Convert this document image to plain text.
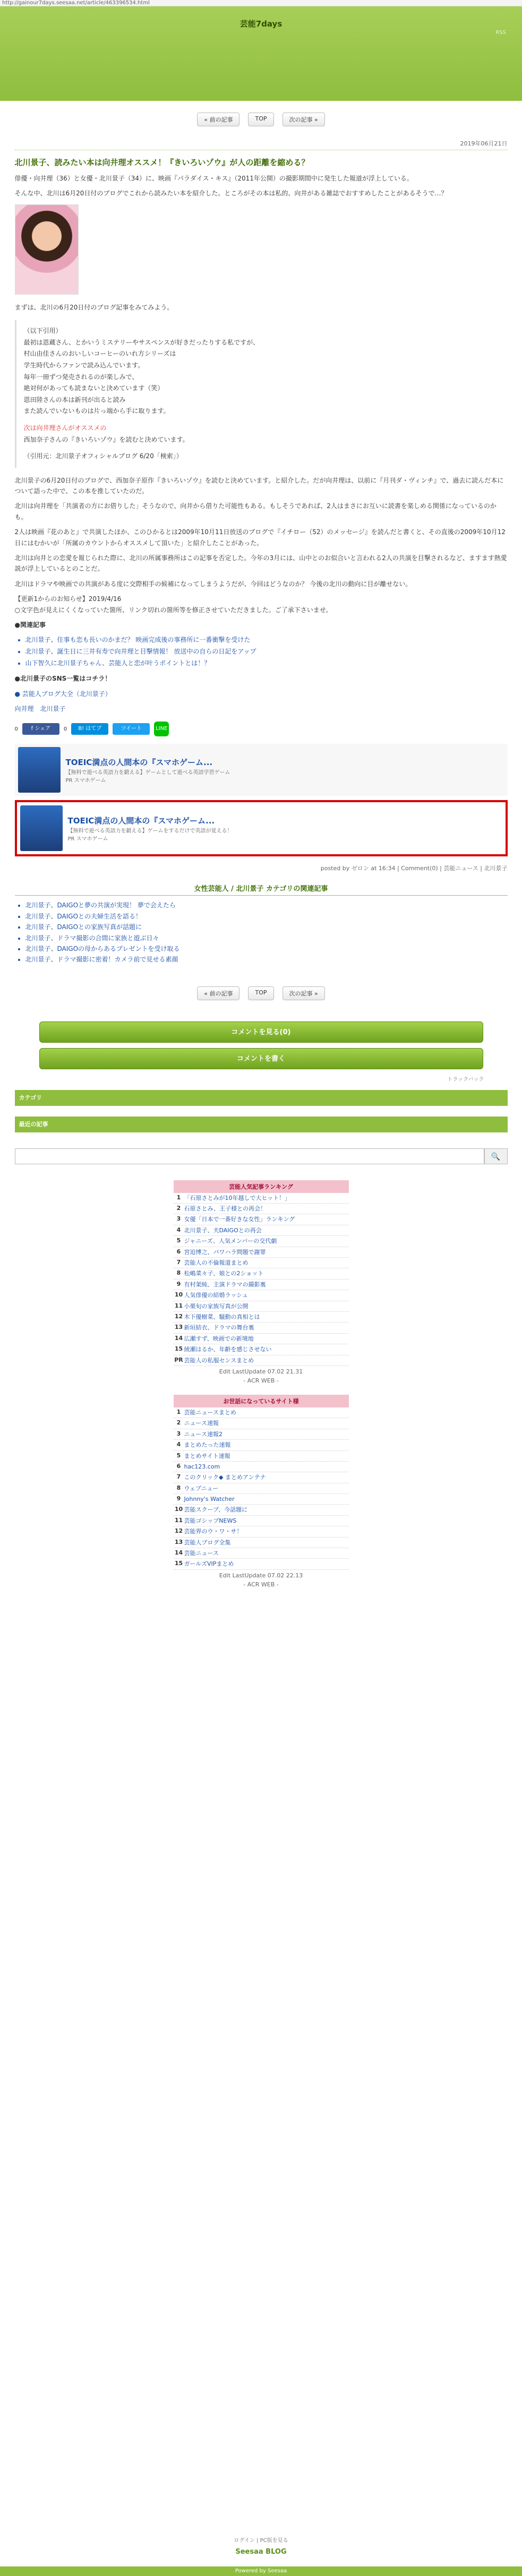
http://gainour7days.seesaa.net/article/463396534.html
芸能7days
RSS
« 前の記事	TOP	次の記事 »
2019年06月21日
北川景子、読みたい本は向井理オススメ！『きいろいゾウ』が人の距離を縮める？
俳優・向井理（36）と女優・北川景子（34）に、映画『パラダイス・キス』（2011年公開）の撮影期間中に発生した報道が浮上している。
そんな中、北川は6月20日付のブログでこれから読みたい本を紹介した。ところがその本は私的、向井がある雑誌でおすすめしたことがあるそうで…？
まずは、北川の6月20日付のブログ記事をみてみよう。
（以下引用）
最初は恩蔵さん、とかいうミステリーやサスペンスが好きだったりする私ですが、
村山由佳さんのおいしいコーヒーのいれ方シリーズは
学生時代からファンで読み込んでいます。
毎年一冊ずつ発売されるのが楽しみで、
絶対何があっても読まないと決めています（笑）
恩田陸さんの本は新刊が出ると読み
また読んでいないものは片っ端から手に取ります。
次は向井理さんがオススメの
西加奈子さんの『きいろいゾウ』を読むと決めています。
（引用元：北川景子オフィシャルブログ 6/20「検索」）
北川景子の6月20日付のブログで、西加奈子原作『きいろいゾウ』を読むと決めています。と紹介した。だが向井理は、以前に『月刊ダ・ヴィンチ』で、過去に読んだ本について語った中で、この本を推していたのだ。
北川は向井理を「共演者の方にお借りした」そうなので、向井から借りた可能性もある。もしそうであれば、2人はまさにお互いに読書を楽しめる関係になっているのかも。
2人は映画『花のあと』で共演したほか、このひかるとは2009年10月11日放送のブログで『イチロー（52）のメッセージ』を読んだと書くと、その直後の2009年10月12日にはむかいが「所属のカウントからオススメして頂いた」と紹介したことがあった。
北川は向井との恋愛を報じられた際に、北川の所属事務所はこの記事を否定した。今年の3月には、山中とのお似合いと言われる2人の共演を目撃されるなど、ますます熱愛説が浮上しているとのことだ。
北川はドラマや映画での共演がある度に交際相手の候補になってしまうようだが、今回はどうなのか？ 今後の北川の動向に目が離せない。
【更新1からのお知らせ】2019/4/16
○文字色が見えにくくなっていた箇所、リンク切れの箇所等を修正させていただきました。ご了承下さいませ。
●関連記事
• 北川景子、住事も恋も長いのかまだ？ 映画完成後の事務所に一番衝撃を受けた
• 北川景子、誕生日に三井有寿で向井理と目撃情報！ 放送中の自らの日記をアップ
• 山下智久に北川景子ちゃん、芸能人と恋が叶うポイントとは！？
●北川景子のSNS一覧はコチラ！
● 芸能人ブログ大全（北川景子）
向井理　北川景子
0	f シェア	0	B! はてブ	ツイート	LINE
TOEIC満点の人間本の『スマホゲーム...
【無料で遊べる英語力を鍛える】ゲームとして遊べる英語学習ゲーム
PR スマホゲーム
TOEIC満点の人間本の『スマホゲーム...
【無料で遊べる英語力を鍛える】ゲームをするだけで英語が覚える！
PR スマホゲーム
posted by ゼロン at 16:34 | Comment(0) | 芸能ニュース | 北川景子
女性芸能人 / 北川景子 カテゴリの関連記事
• 北川景子、DAIGOと夢の共演が実現！ 夢で会えたら
• 北川景子、DAIGOとの夫婦生活を語る！
• 北川景子、DAIGOとの家族写真が話題に
• 北川景子、ドラマ撮影の合間に家族と遊ぶ日々
• 北川景子、DAIGOの母からあるプレゼントを受け取る
• 北川景子、ドラマ撮影に密着！カメラ前で見せる素顔
« 前の記事	TOP	次の記事 »
コメントを見る(0)
コメントを書く
トラックバック
カテゴリ
最近の記事
🔍
芸能人気記事ランキング
1 「石原さとみが10年越しで大ヒット！」
2 石原さとみ、王子様との再会！
3 女優「日本で一番好きな女性」ランキング
4 北川景子、夫DAIGOとの再会
5 ジャニーズ、人気メンバーの交代劇
6 宮迫博之、パワハラ問題で謝罪
7 芸能人の不倫報道まとめ
8 松嶋菜々子、娘との2ショット
9 有村架純、主演ドラマの撮影裏
10 人気俳優の結婚ラッシュ
11 小栗旬の家族写真が公開
12 木下優樹菜、騒動の真相とは
13 新垣結衣、ドラマの舞台裏
14 広瀬すず、映画での新境地
15 綾瀬はるか、年齢を感じさせない
PR 芸能人の私服センスまとめ
Edit LastUpdate 07.02 21.31
- ACR WEB -
お世話になっているサイト様
1 芸能ニュースまとめ
2 ニュース速報
3 ニュース速報2
4 まとめたった速報
5 まとめサイト速報
6 hac123.com
7 このクリック◆ まとめアンテナ
8 ウェブニュー
9 Johnny's Watcher
10 芸能スクープ、今話題に
11 芸能ゴシップNEWS
12 芸能界のウ・ワ・サ！
13 芸能人ブログ全集
14 芸能ニュース
15 ガールズVIPまとめ
Edit LastUpdate 07.02 22.13
- ACR WEB -
ログイン | PC版を見る
Seesaa BLOG
Powered by Seesaa
